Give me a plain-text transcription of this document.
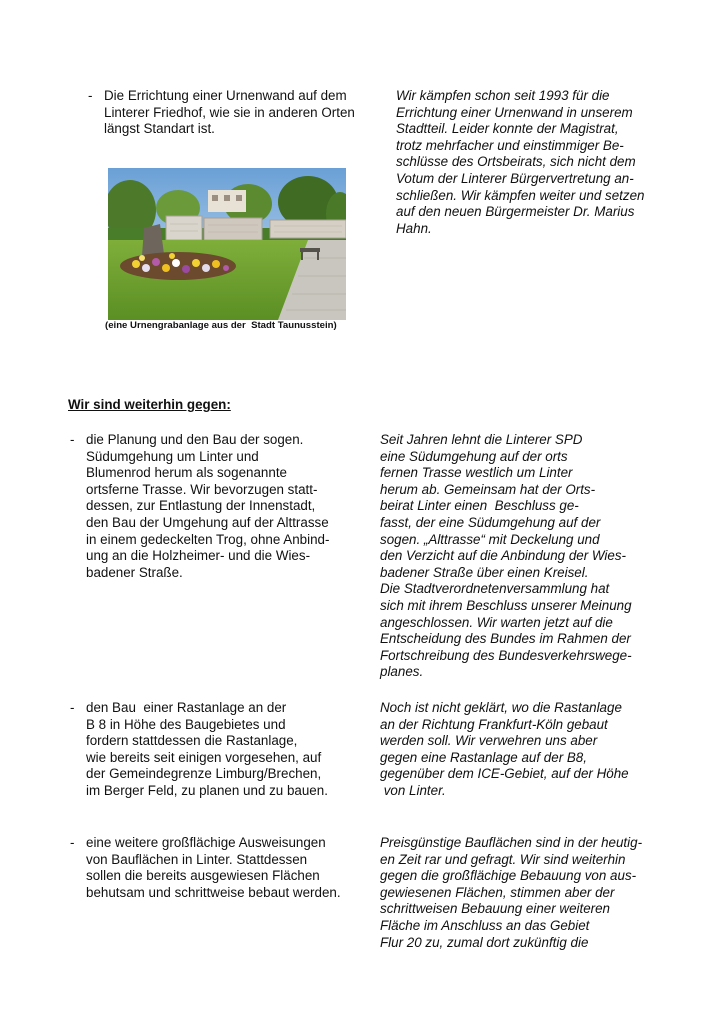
- Die Errichtung einer Urnenwand auf dem
Linterer Friedhof, wie sie in anderen Orten
längst Standart ist.
Wir kämpfen schon seit 1993 für die
Errichtung einer Urnenwand in unserem
Stadtteil. Leider konnte der Magistrat,
trotz mehrfacher und einstimmiger Be-
schlüsse des Ortsbeirats, sich nicht dem
Votum der Linterer Bürgervertretung an-
schließen. Wir kämpfen weiter und setzen
auf den neuen Bürgermeister Dr. Marius
Hahn.
(eine Urnengrabanlage aus der  Stadt Taunusstein)
Wir sind weiterhin gegen:
- die Planung und den Bau der sogen.
Südumgehung um Linter und
Blumenrod herum als sogenannte
ortsferne Trasse. Wir bevorzugen statt-
dessen, zur Entlastung der Innenstadt,
den Bau der Umgehung auf der Alttrasse
in einem gedeckelten Trog, ohne Anbind-
ung an die Holzheimer- und die Wies-
badener Straße.
Seit Jahren lehnt die Linterer SPD
eine Südumgehung auf der orts
fernen Trasse westlich um Linter
herum ab. Gemeinsam hat der Orts-
beirat Linter einen  Beschluss ge-
fasst, der eine Südumgehung auf der
sogen. „Alttrasse“ mit Deckelung und
den Verzicht auf die Anbindung der Wies-
badener Straße über einen Kreisel.
Die Stadtverordnetenversammlung hat
sich mit ihrem Beschluss unserer Meinung
angeschlossen. Wir warten jetzt auf die
Entscheidung des Bundes im Rahmen der
Fortschreibung des Bundesverkehrswege-
planes.
- den Bau  einer Rastanlage an der
B 8 in Höhe des Baugebietes und
fordern stattdessen die Rastanlage,
wie bereits seit einigen vorgesehen, auf
der Gemeindegrenze Limburg/Brechen,
im Berger Feld, zu planen und zu bauen.
Noch ist nicht geklärt, wo die Rastanlage
an der Richtung Frankfurt-Köln gebaut
werden soll. Wir verwehren uns aber
gegen eine Rastanlage auf der B8,
gegenüber dem ICE-Gebiet, auf der Höhe
von Linter.
- eine weitere großflächige Ausweisungen
von Bauflächen in Linter. Stattdessen
sollen die bereits ausgewiesen Flächen
behutsam und schrittweise bebaut werden.
Preisgünstige Bauflächen sind in der heutig-
en Zeit rar und gefragt. Wir sind weiterhin
gegen die großflächige Bebauung von aus-
gewiesenen Flächen, stimmen aber der
schrittweisen Bebauung einer weiteren
Fläche im Anschluss an das Gebiet
Flur 20 zu, zumal dort zukünftig die
